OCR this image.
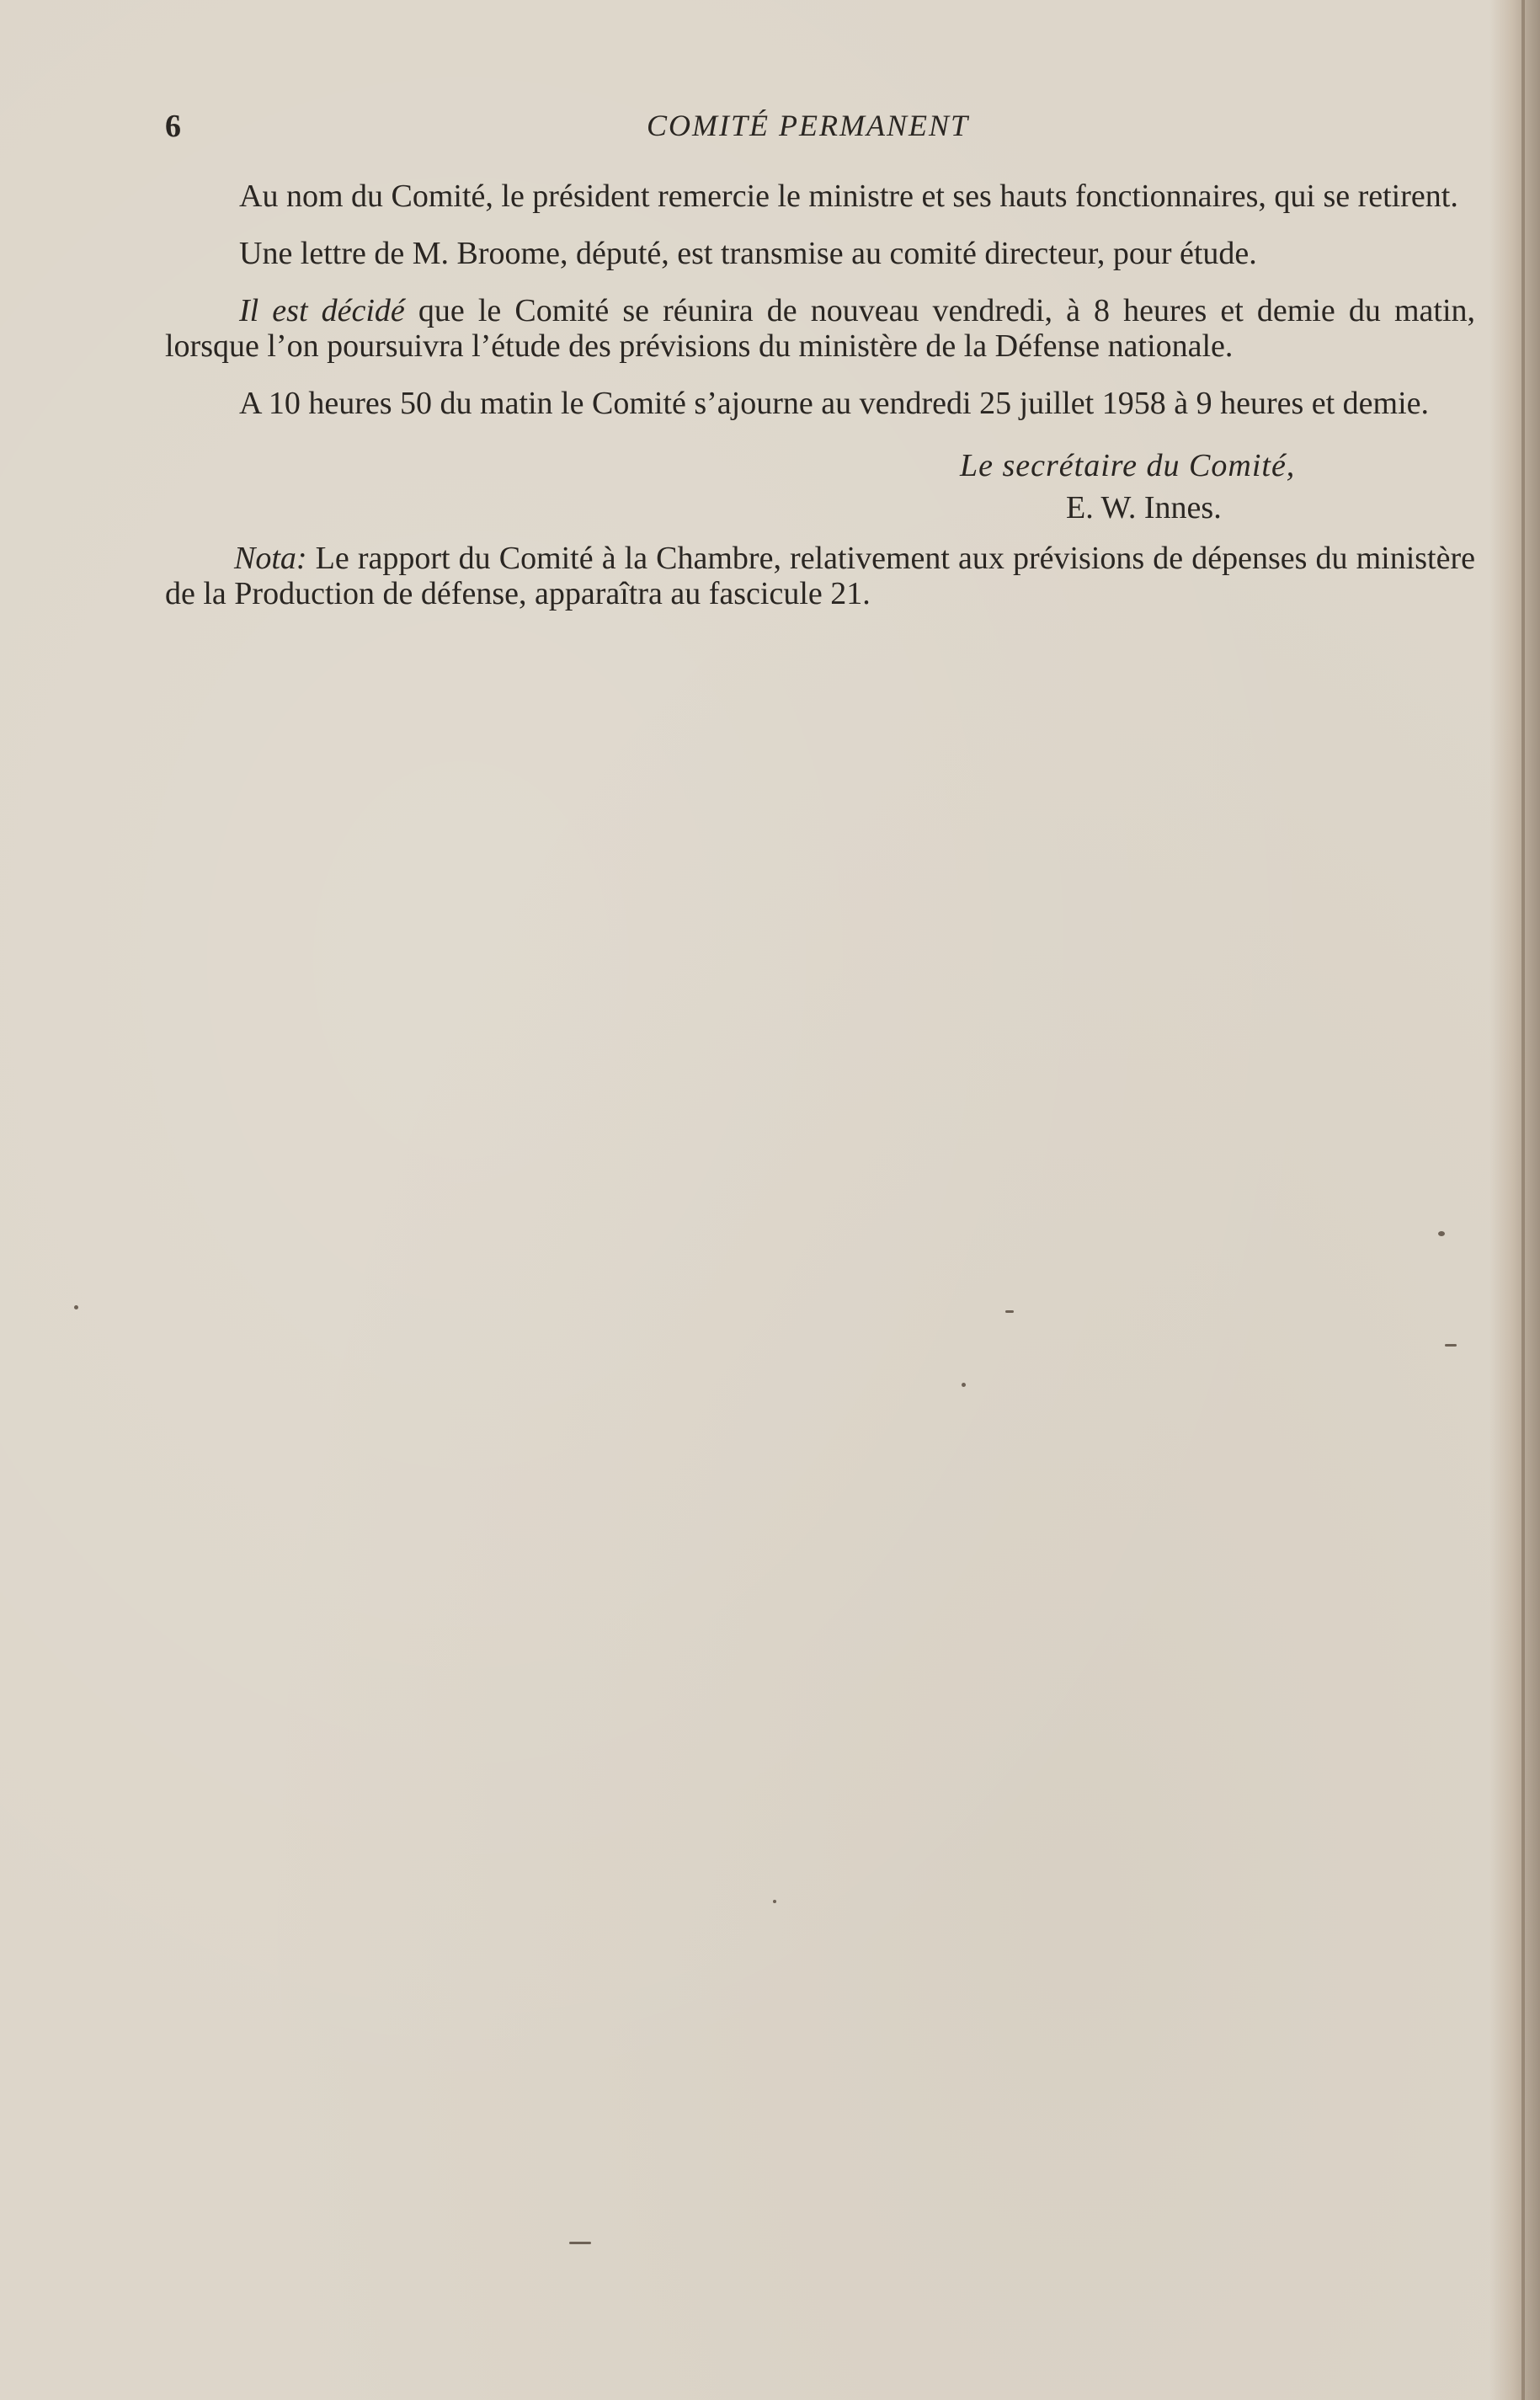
6	COMITÉ PERMANENT

Au nom du Comité, le président remercie le ministre et ses hauts fonctionnaires, qui se retirent.

Une lettre de M. Broome, député, est transmise au comité directeur, pour étude.

Il est décidé que le Comité se réunira de nouveau vendredi, à 8 heures et demie du matin, lorsque l’on poursuivra l’étude des prévisions du ministère de la Défense nationale.

A 10 heures 50 du matin le Comité s’ajourne au vendredi 25 juillet 1958 à 9 heures et demie.

Le secrétaire du Comité,
E. W. Innes.

Nota: Le rapport du Comité à la Chambre, relativement aux prévisions de dépenses du ministère de la Production de défense, apparaîtra au fascicule 21.
